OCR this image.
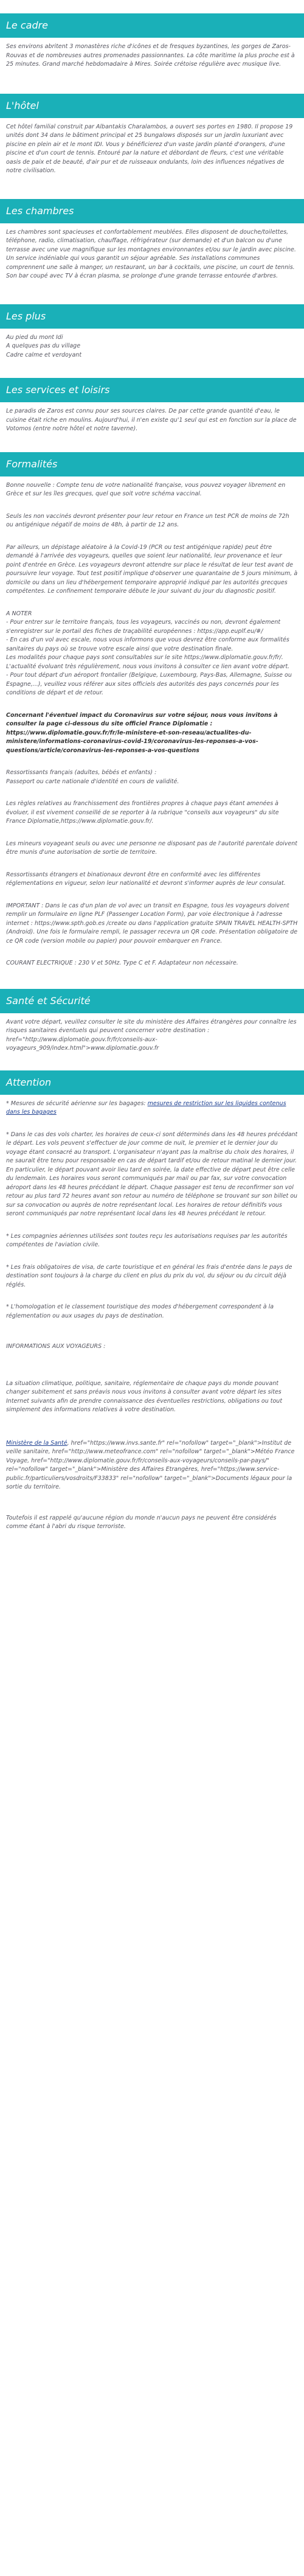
Le cadre

Ses environs abritent 3 monastères riche d'icônes et de fresques byzantines, les gorges de Zaros-Rouvas et de nombreuses autres promenades passionnantes. La côte maritime la plus proche est à 25 minutes. Grand marché hebdomadaire à Mires. Soirée crétoise régulière avec musique live.

L'hôtel

Cet hôtel familial construit par Albantakis Charalambos, a ouvert ses portes en 1980. Il propose 19 unités dont 34 dans le bâtiment principal et 25 bungalows disposés sur un jardin luxuriant avec piscine en plein air et le mont IDI. Vous y bénéficierez d'un vaste jardin planté d'orangers, d'une piscine et d'un court de tennis. Entouré par la nature et débordant de fleurs, c'est une véritable oasis de paix et de beauté, d'air pur et de ruisseaux ondulants, loin des influences négatives de notre civilisation.

Les chambres

Les chambres sont spacieuses et confortablement meublées. Elles disposent de douche/toilettes, téléphone, radio, climatisation, chauffage, réfrigérateur (sur demande) et d'un balcon ou d'une terrasse avec une vue magnifique sur les montagnes environnantes et/ou sur le jardin avec piscine. Un service indéniable qui vous garantit un séjour agréable. Ses installations communes comprennent une salle à manger, un restaurant, un bar à cocktails, une piscine, un court de tennis. Son bar coupé avec TV à écran plasma, se prolonge d'une grande terrasse entourée d'arbres.

Les plus
Au pied du mont Idi
A quelques pas du village
Cadre calme et verdoyant
Les services et loisirs

Le paradis de Zaros est connu pour ses sources claires. De par cette grande quantité d'eau, le cuisine était riche en moulins. Aujourd'hui, il n'en existe qu'1 seul qui est en fonction sur la place de Votomos (entre notre hôtel et notre taverne).

Formalités

Bonne nouvelle : Compte tenu de votre nationalité française, vous pouvez voyager librement en Grèce et sur les îles grecques, quel que soit votre schéma vaccinal.

Seuls les non vaccinés devront présenter pour leur retour en France un test PCR de moins de 72h ou antigénique négatif de moins de 48h, à partir de 12 ans.

Par ailleurs, un dépistage aléatoire à la Covid-19 (PCR ou test antigénique rapide) peut être demandé à l'arrivée des voyageurs, quelles que soient leur nationalité, leur provenance et leur point d'entrée en Grèce. Les voyageurs devront attendre sur place le résultat de leur test avant de poursuivre leur voyage. Tout test positif implique d'observer une quarantaine de 5 jours minimum, à domicile ou dans un lieu d'hébergement temporaire approprié indiqué par les autorités grecques compétentes. Le confinement temporaire débute le jour suivant du jour du diagnostic positif.

A NOTER
- Pour entrer sur le territoire français, tous les voyageurs, vaccinés ou non, devront également s'enregistrer sur le portail des fiches de traçabilité européennes : https://app.euplf.eu/#/
- En cas d'un vol avec escale, nous vous informons que vous devrez être conforme aux formalités sanitaires du pays où se trouve votre escale ainsi que votre destination finale.
Les modalités pour chaque pays sont consultables sur le site https://www.diplomatie.gouv.fr/fr/. L'actualité évoluant très régulièrement, nous vous invitons à consulter ce lien avant votre départ.
- Pour tout départ d'un aéroport frontalier (Belgique, Luxembourg, Pays-Bas, Allemagne, Suisse ou Espagne,...), veuillez vous référer aux sites officiels des autorités des pays concernés pour les conditions de départ et de retour.

Concernant l'éventuel impact du Coronavirus sur votre séjour, nous vous invitons à consulter la page ci-dessous du site officiel France Diplomatie : https://www.diplomatie.gouv.fr/fr/le-ministere-et-son-reseau/actualites-du-ministere/informations-coronavirus-covid-19/coronavirus-les-reponses-a-vos-questions/article/coronavirus-les-reponses-a-vos-questions

Ressortissants français (adultes, bébés et enfants) :
Passeport ou carte nationale d'identité en cours de validité.

Les règles relatives au franchissement des frontières propres à chaque pays étant amenées à évoluer, il est vivement conseillé de se reporter à la rubrique "conseils aux voyageurs" du site France Diplomatie,https://www.diplomatie.gouv.fr/.

Les mineurs voyageant seuls ou avec une personne ne disposant pas de l'autorité parentale doivent être munis d'une autorisation de sortie de territoire.

Ressortissants étrangers et binationaux devront être en conformité avec les différentes réglementations en vigueur, selon leur nationalité et devront s'informer auprès de leur consulat.

IMPORTANT : Dans le cas d'un plan de vol avec un transit en Espagne, tous les voyageurs doivent remplir un formulaire en ligne PLF (Passenger Location Form), par voie électronique à l'adresse internet : https://www.spth.gob.es /create ou dans l'application gratuite SPAIN TRAVEL HEALTH-SPTH (Android). Une fois le formulaire rempli, le passager recevra un QR code. Présentation obligatoire de ce QR code (version mobile ou papier) pour pouvoir embarquer en France.

COURANT ELECTRIQUE : 230 V et 50Hz. Type C et F. Adaptateur non nécessaire.

Santé et Sécurité

Avant votre départ, veuillez consulter le site du ministère des Affaires étrangères pour connaître les risques sanitaires éventuels qui peuvent concerner votre destination : href="http://www.diplomatie.gouv.fr/fr/conseils-aux-voyageurs_909/index.html">www.diplomatie.gouv.fr

Attention

* Mesures de sécurité aérienne sur les bagages: mesures de restriction sur les liquides contenus dans les bagages

* Dans le cas des vols charter, les horaires de ceux-ci sont déterminés dans les 48 heures précédant le départ. Les vols peuvent s'effectuer de jour comme de nuit, le premier et le dernier jour du voyage étant consacré au transport. L'organisateur n'ayant pas la maîtrise du choix des horaires, il ne saurait être tenu pour responsable en cas de départ tardif et/ou de retour matinal le dernier jour. En particulier, le départ pouvant avoir lieu tard en soirée, la date effective de départ peut être celle du lendemain. Les horaires vous seront communiqués par mail ou par fax, sur votre convocation aéroport dans les 48 heures précédant le départ. Chaque passager est tenu de reconfirmer son vol retour au plus tard 72 heures avant son retour au numéro de téléphone se trouvant sur son billet ou sur sa convocation ou auprès de notre représentant local. Les horaires de retour définitifs vous seront communiqués par notre représentant local dans les 48 heures précédant le retour.

* Les compagnies aériennes utilisées sont toutes reçu les autorisations requises par les autorités compétentes de l'aviation civile.

* Les frais obligatoires de visa, de carte touristique et en général les frais d'entrée dans le pays de destination sont toujours à la charge du client en plus du prix du vol, du séjour ou du circuit déjà réglés.

* L'homologation et le classement touristique des modes d'hébergement correspondent à la réglementation ou aux usages du pays de destination.

INFORMATIONS AUX VOYAGEURS :

La situation climatique, politique, sanitaire, réglementaire de chaque pays du monde pouvant changer subitement et sans préavis nous vous invitons à consulter avant votre départ les sites Internet suivants afin de prendre connaissance des éventuelles restrictions, obligations ou tout simplement des informations relatives à votre destination.

Ministère de la Santé, href="https://www.invs.sante.fr" rel="nofollow" target="_blank">Institut de veille sanitaire, href="http://www.meteofrance.com" rel="nofollow" target="_blank">Météo France Voyage, href="http://www.diplomatie.gouv.fr/fr/conseils-aux-voyageurs/conseils-par-pays/" rel="nofollow" target="_blank">Ministère des Affaires Etrangères, href="https://www.service-public.fr/particuliers/vosdroits/F33833" rel="nofollow" target="_blank">Documents légaux pour la sortie du territoire.

Toutefois il est rappelé qu'aucune région du monde n'aucun pays ne peuvent être considérés comme étant à l'abri du risque terroriste.
